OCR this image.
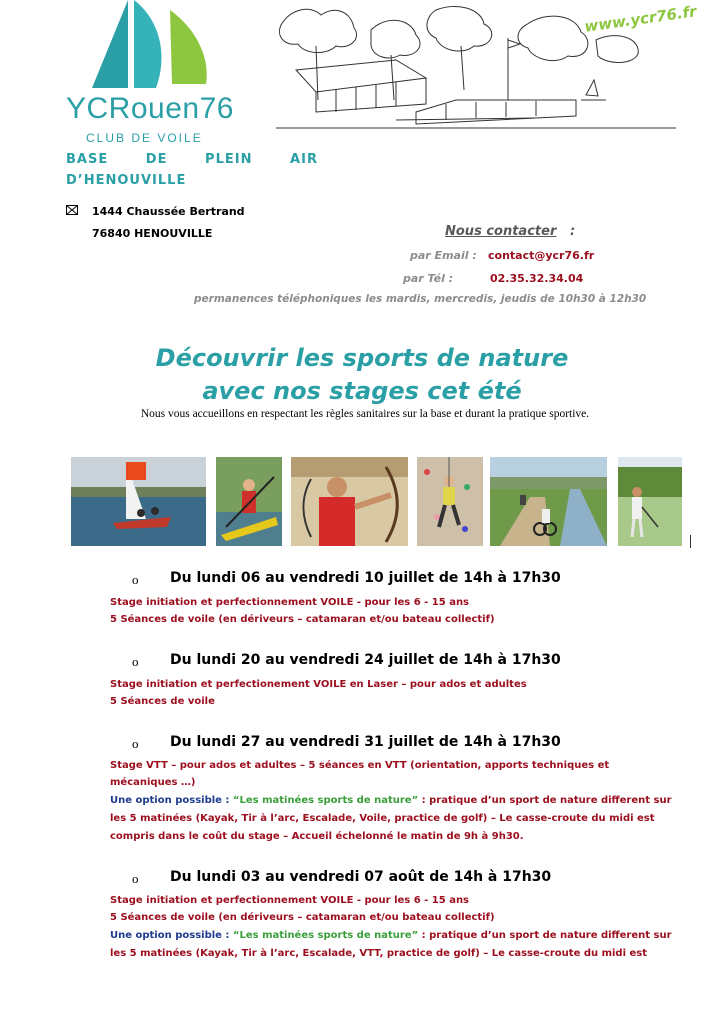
YCRouen76
CLUB DE VOILE
www.ycr76.fr
BASE	DE	PLEIN	AIR
D’HENOUVILLE
1444 Chaussée Bertrand
76840 HENOUVILLE	Nous contacter :
par Email : contact@ycr76.fr
par Tél :	02.35.32.34.04
permanences téléphoniques les mardis, mercredis, jeudis de 10h30 à 12h30
Découvrir les sports de nature
avec nos stages cet été
Nous vous accueillons en respectant les règles sanitaires sur la base et durant la pratique sportive.
o Du lundi 06 au vendredi 10 juillet de 14h à 17h30
Stage initiation et perfectionnement VOILE - pour les 6 - 15 ans
5 Séances de voile (en dériveurs – catamaran et/ou bateau collectif)
o Du lundi 20 au vendredi 24 juillet de 14h à 17h30
Stage initiation et perfectionement VOILE en Laser – pour ados et adultes
5 Séances de voile
o Du lundi 27 au vendredi 31 juillet de 14h à 17h30
Stage VTT – pour ados et adultes – 5 séances en VTT (orientation, apports techniques et
mécaniques …)
Une option possible : “Les matinées sports de nature” : pratique d’un sport de nature different sur
les 5 matinées (Kayak, Tir à l’arc, Escalade, Voile, practice de golf) – Le casse-croute du midi est
compris dans le coût du stage – Accueil échelonné le matin de 9h à 9h30.
o Du lundi 03 au vendredi 07 août de 14h à 17h30
Stage initiation et perfectionnement VOILE - pour les 6 - 15 ans
5 Séances de voile (en dériveurs – catamaran et/ou bateau collectif)
Une option possible : “Les matinées sports de nature” : pratique d’un sport de nature different sur
les 5 matinées (Kayak, Tir à l’arc, Escalade, VTT, practice de golf) – Le casse-croute du midi est
